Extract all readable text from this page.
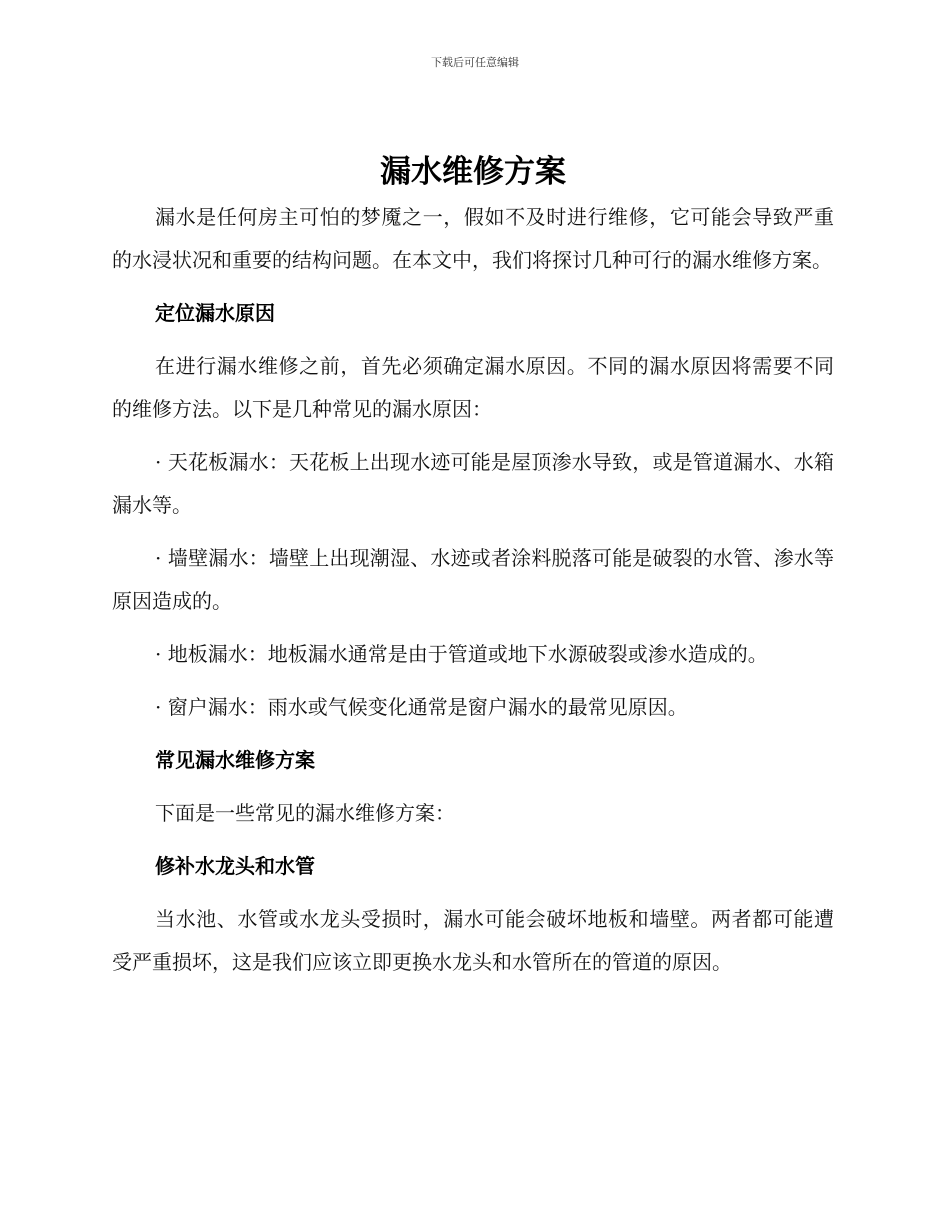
下载后可任意编辑
漏水维修方案

漏水是任何房主可怕的梦魇之一，假如不及时进行维修，它可能会导致严重的水浸状况和重要的结构问题。在本文中，我们将探讨几种可行的漏水维修方案。

定位漏水原因

在进行漏水维修之前，首先必须确定漏水原因。不同的漏水原因将需要不同的维修方法。以下是几种常见的漏水原因：

· 天花板漏水：天花板上出现水迹可能是屋顶渗水导致，或是管道漏水、水箱漏水等。

· 墙壁漏水：墙壁上出现潮湿、水迹或者涂料脱落可能是破裂的水管、渗水等原因造成的。

· 地板漏水：地板漏水通常是由于管道或地下水源破裂或渗水造成的。

· 窗户漏水：雨水或气候变化通常是窗户漏水的最常见原因。

常见漏水维修方案

下面是一些常见的漏水维修方案：

修补水龙头和水管

当水池、水管或水龙头受损时，漏水可能会破坏地板和墙壁。两者都可能遭受严重损坏，这是我们应该立即更换水龙头和水管所在的管道的原因。
